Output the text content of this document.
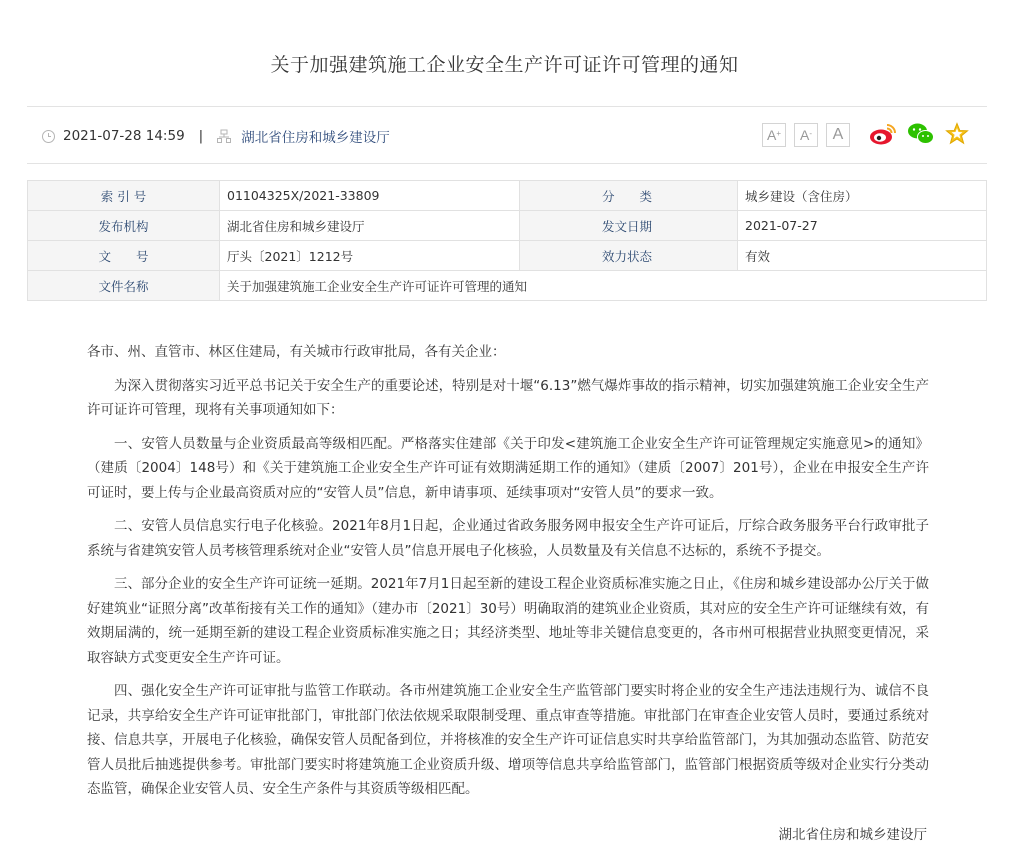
关于加强建筑施工企业安全生产许可证许可管理的通知
2021-07-28 14:59 |	湖北省住房和城乡建设厅	A + A - A
索 引 号	01104325X/2021-33809	分　　类	城乡建设（含住房）
发布机构	湖北省住房和城乡建设厅	发文日期	2021-07-27
文　　号	厅头〔2021〕1212号	效力状态	有效
文件名称	关于加强建筑施工企业安全生产许可证许可管理的通知		

各市、州、直管市、林区住建局，有关城市行政审批局，各有关企业：

为深入贯彻落实习近平总书记关于安全生产的重要论述，特别是对十堰“6.13”燃气爆炸事故的指示精神，切实加强建筑施工企业安全生产许可证许可管理，现将有关事项通知如下：

一、安管人员数量与企业资质最高等级相匹配。严格落实住建部《关于印发<建筑施工企业安全生产许可证管理规定实施意见>的通知》（建质〔2004〕148号）和《关于建筑施工企业安全生产许可证有效期满延期工作的通知》（建质〔2007〕201号），企业在申报安全生产许可证时，要上传与企业最高资质对应的“安管人员”信息，新申请事项、延续事项对“安管人员”的要求一致。

二、安管人员信息实行电子化核验。2021年8月1日起，企业通过省政务服务网申报安全生产许可证后，厅综合政务服务平台行政审批子系统与省建筑安管人员考核管理系统对企业“安管人员”信息开展电子化核验，人员数量及有关信息不达标的，系统不予提交。

三、部分企业的安全生产许可证统一延期。2021年7月1日起至新的建设工程企业资质标准实施之日止，《住房和城乡建设部办公厅关于做好建筑业“证照分离”改革衔接有关工作的通知》（建办市〔2021〕30号）明确取消的建筑业企业资质，其对应的安全生产许可证继续有效，有效期届满的，统一延期至新的建设工程企业资质标准实施之日；其经济类型、地址等非关键信息变更的，各市州可根据营业执照变更情况，采取容缺方式变更安全生产许可证。

四、强化安全生产许可证审批与监管工作联动。各市州建筑施工企业安全生产监管部门要实时将企业的安全生产违法违规行为、诚信不良记录，共享给安全生产许可证审批部门，审批部门依法依规采取限制受理、重点审查等措施。审批部门在审查企业安管人员时，要通过系统对接、信息共享，开展电子化核验，确保安管人员配备到位，并将核准的安全生产许可证信息实时共享给监管部门，为其加强动态监管、防范安管人员批后抽逃提供参考。审批部门要实时将建筑施工企业资质升级、增项等信息共享给监管部门，监管部门根据资质等级对企业实行分类动态监管，确保企业安管人员、安全生产条件与其资质等级相匹配。

湖北省住房和城乡建设厅
